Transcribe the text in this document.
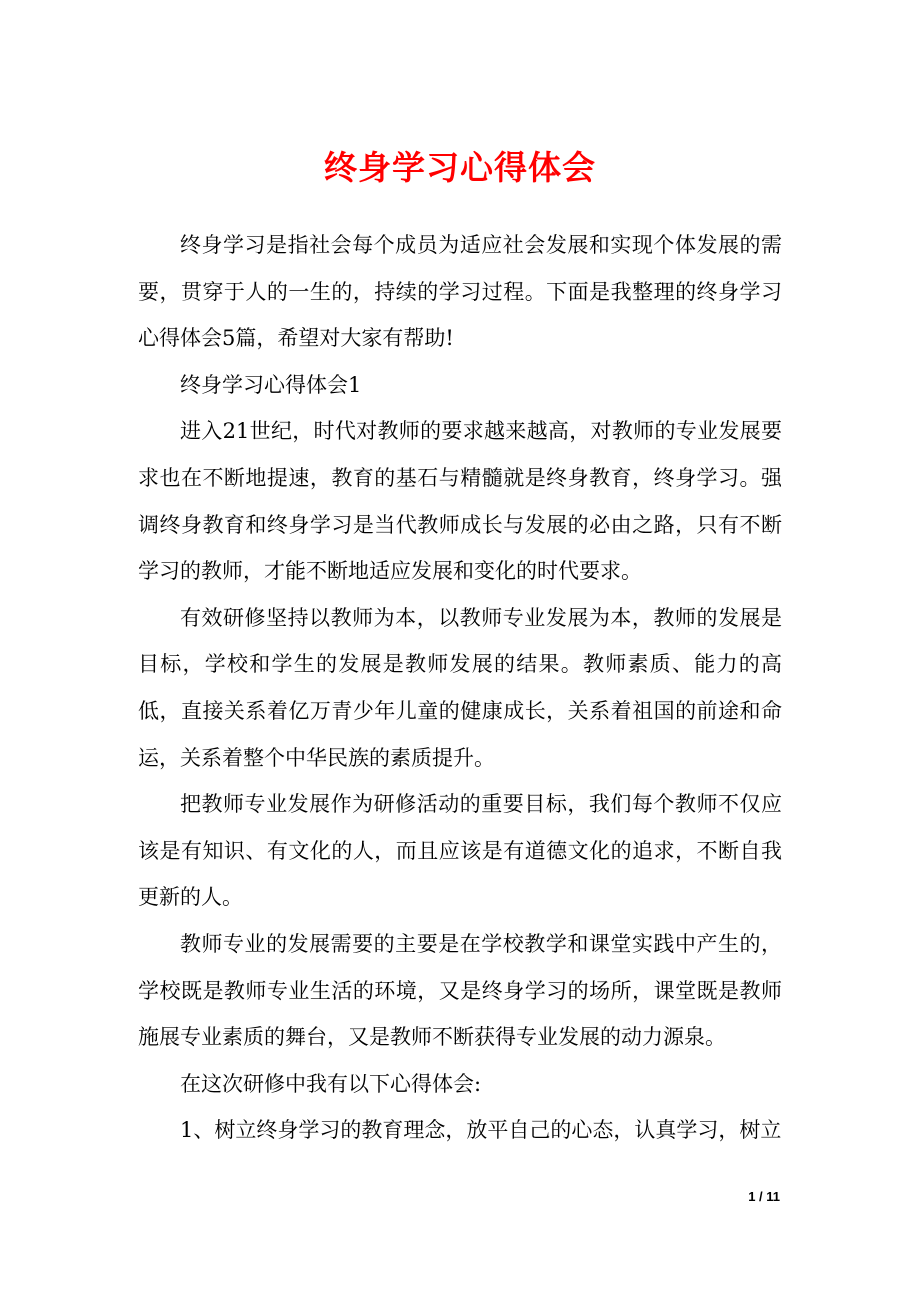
终身学习心得体会

终身学习是指社会每个成员为适应社会发展和实现个体发展的需要，贯穿于人的一生的，持续的学习过程。下面是我整理的终身学习心得体会5篇，希望对大家有帮助!

终身学习心得体会1

进入21世纪，时代对教师的要求越来越高，对教师的专业发展要求也在不断地提速，教育的基石与精髓就是终身教育，终身学习。强调终身教育和终身学习是当代教师成长与发展的必由之路，只有不断学习的教师，才能不断地适应发展和变化的时代要求。

有效研修坚持以教师为本，以教师专业发展为本，教师的发展是目标，学校和学生的发展是教师发展的结果。教师素质、能力的高低，直接关系着亿万青少年儿童的健康成长，关系着祖国的前途和命运，关系着整个中华民族的素质提升。

把教师专业发展作为研修活动的重要目标，我们每个教师不仅应该是有知识、有文化的人，而且应该是有道德文化的追求，不断自我更新的人。

教师专业的发展需要的主要是在学校教学和课堂实践中产生的，学校既是教师专业生活的环境，又是终身学习的场所，课堂既是教师施展专业素质的舞台，又是教师不断获得专业发展的动力源泉。

在这次研修中我有以下心得体会:

1、树立终身学习的教育理念，放平自己的心态，认真学习，树立

1 / 11
